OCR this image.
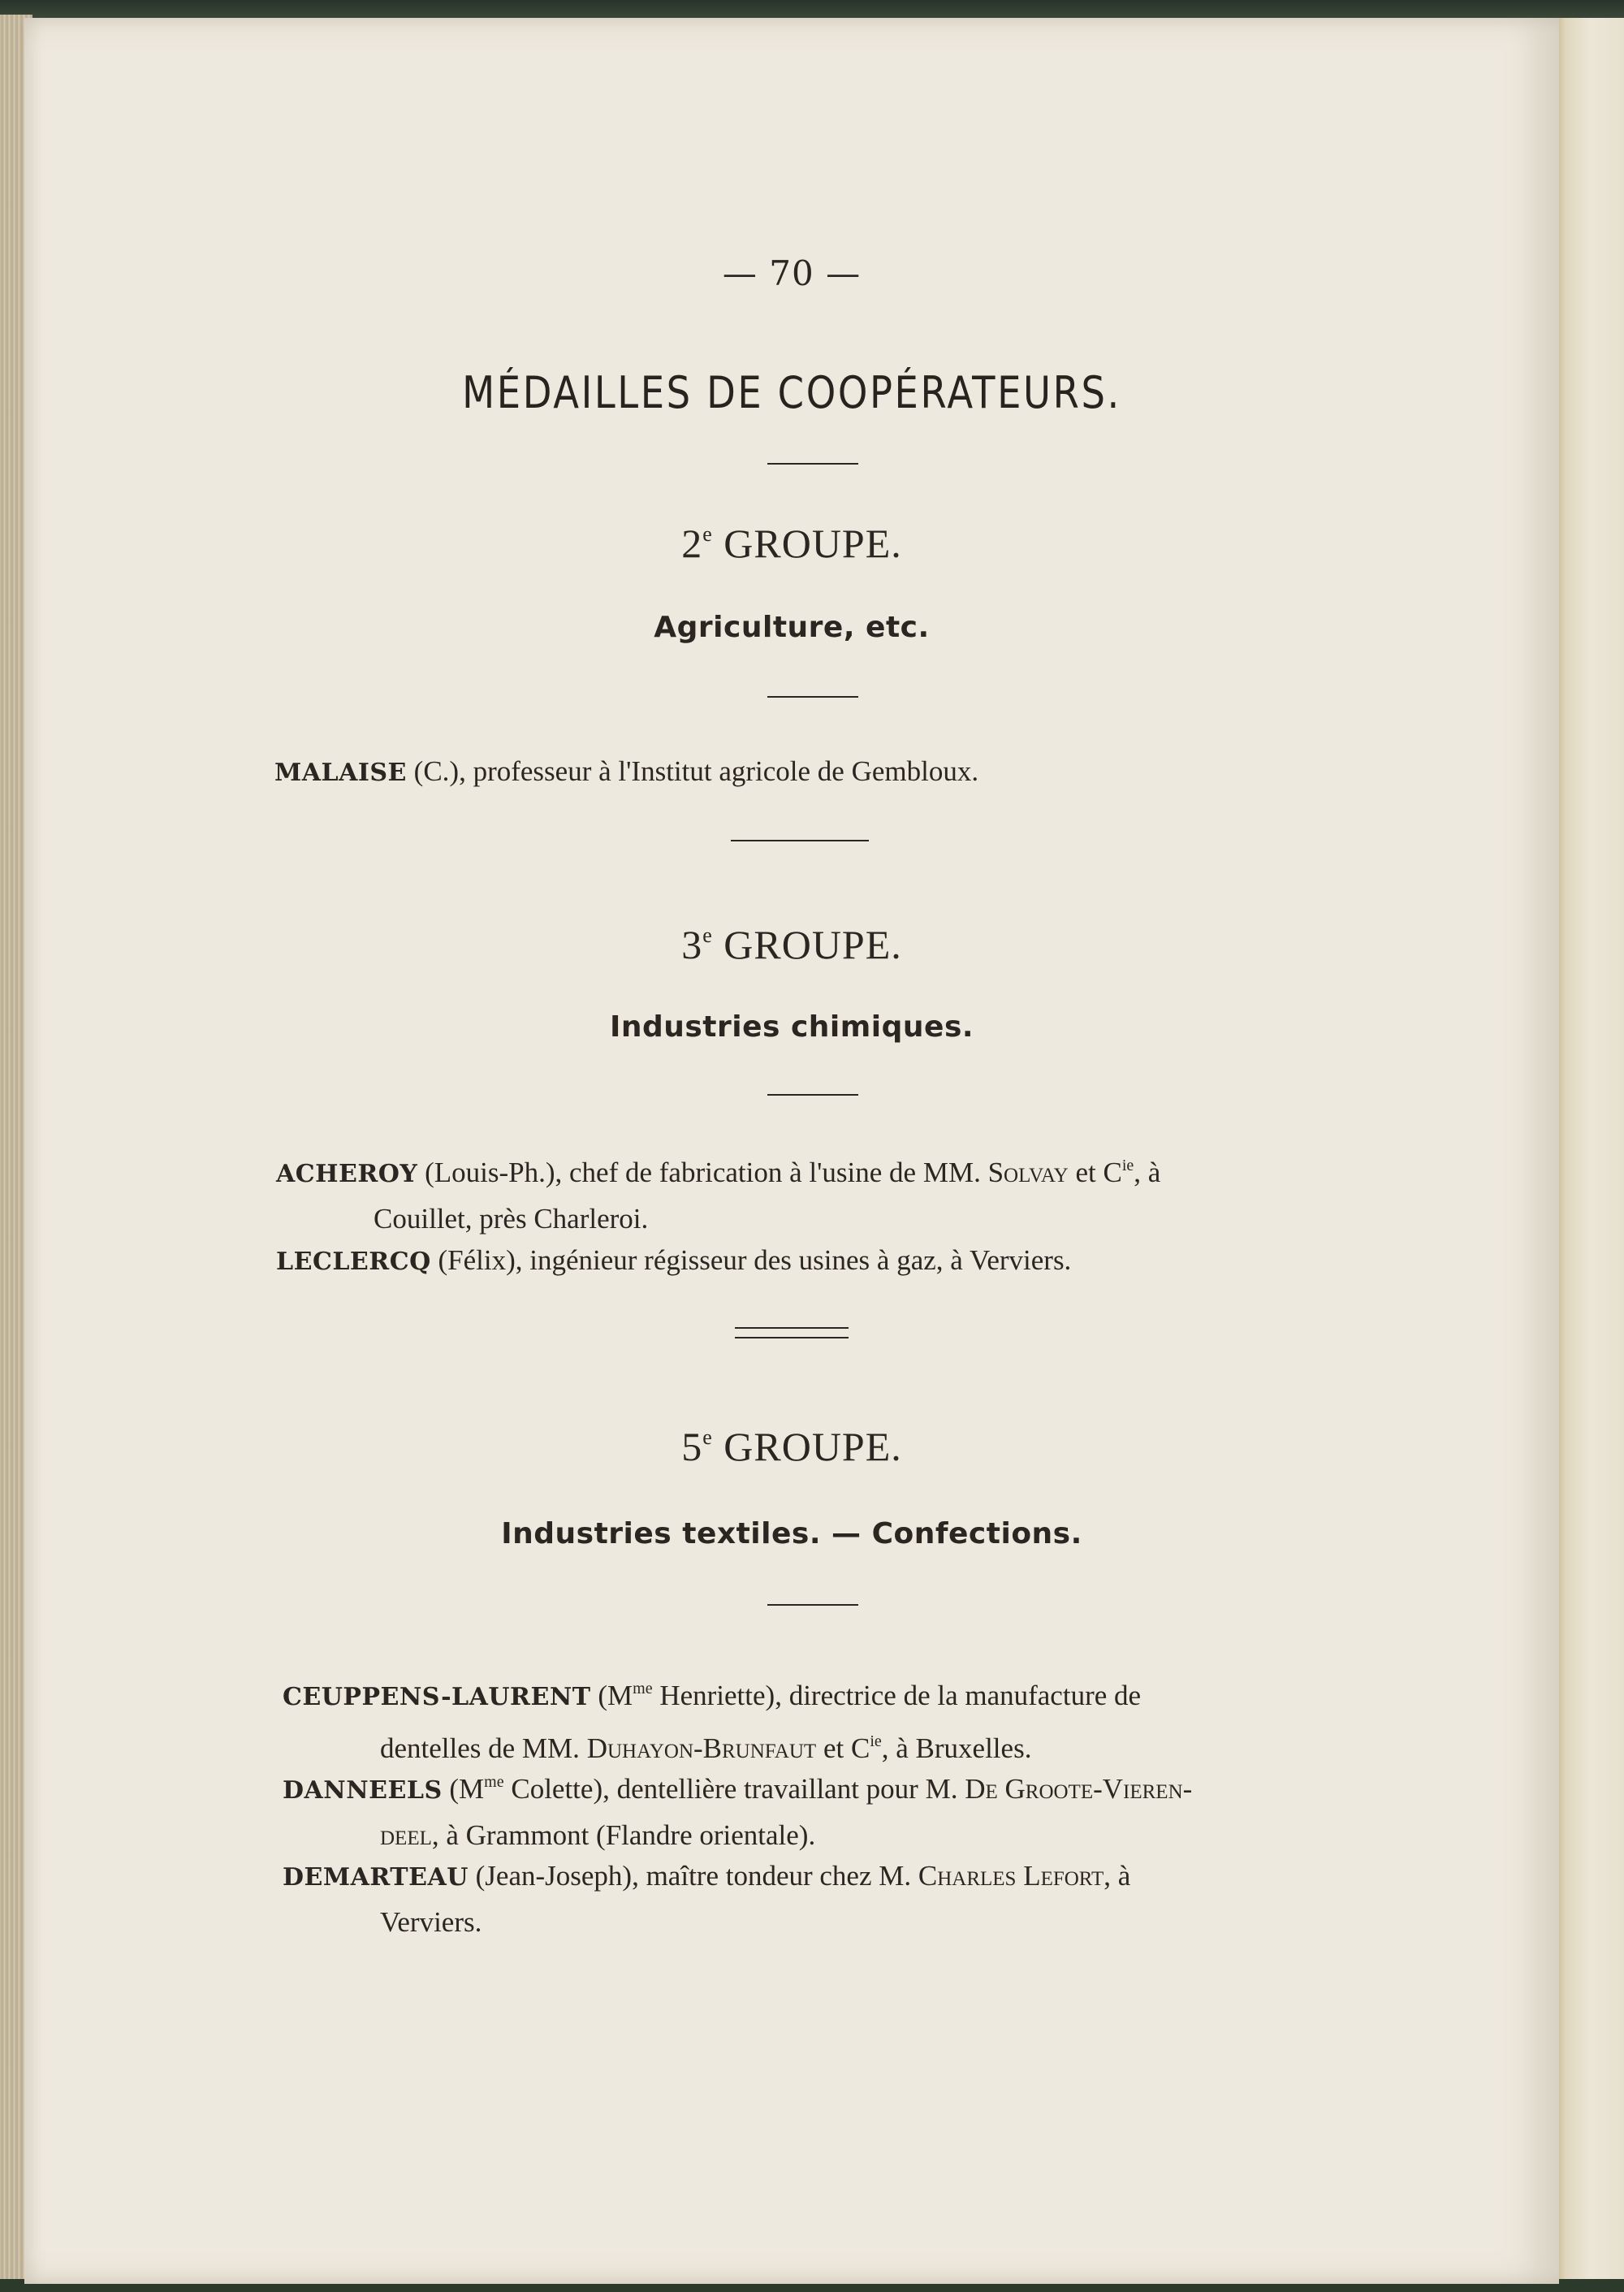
— 70 —
MÉDAILLES DE COOPÉRATEURS.
2e GROUPE.
Agriculture, etc.
MALAISE (C.), professeur à l'Institut agricole de Gembloux.
3e GROUPE.
Industries chimiques.
ACHEROY (Louis-Ph.), chef de fabrication à l'usine de MM. Solvay et $C^{ie}$, à
Couillet, près Charleroi.
LECLERCQ (Félix), ingénieur régisseur des usines à gaz, à Verviers.
5e GROUPE.
Industries textiles. — Confections.
CEUPPENS-LAURENT ($M^{me}$ Henriette), directrice de la manufacture de
dentelles de MM. Duhayon-Brunfaut et $C^{ie}$, à Bruxelles.
DANNEELS ($M^{me}$ Colette), dentellière travaillant pour M. De Groote-Vieren-
deel, à Grammont (Flandre orientale).
DEMARTEAU (Jean-Joseph), maître tondeur chez M. Charles Lefort, à
Verviers.
